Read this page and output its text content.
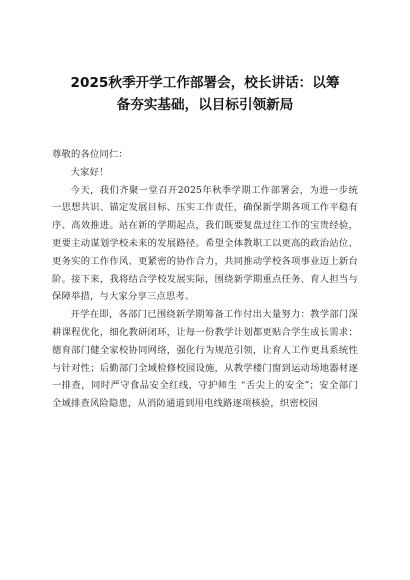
2025秋季开学工作部署会，校长讲话：以筹
备夯实基础，以目标引领新局

尊敬的各位同仁：

大家好！

今天，我们齐聚一堂召开2025年秋季学期工作部署会，为进一步统一思想共识、锚定发展目标、压实工作责任，确保新学期各项工作平稳有序、高效推进。站在新的学期起点，我们既要复盘过往工作的宝贵经验，更要主动谋划学校未来的发展路径。希望全体教职工以更高的政治站位、更务实的工作作风、更紧密的协作合力，共同推动学校各项事业迈上新台阶。接下来，我将结合学校发展实际，围绕新学期重点任务、育人担当与保障举措，与大家分享三点思考。

开学在即，各部门已围绕新学期筹备工作付出大量努力：教学部门深耕课程优化，细化教研闭环，让每一份教学计划都更贴合学生成长需求；德育部门健全家校协同网络，强化行为规范引领，让育人工作更具系统性与针对性；后勤部门全域检修校园设施，从教学楼门窗到运动场地器材逐一排查，同时严守食品安全红线，守护师生 “舌尖上的安全”；安全部门全域排查风险隐患，从消防通道到用电线路逐项核验，织密校园
